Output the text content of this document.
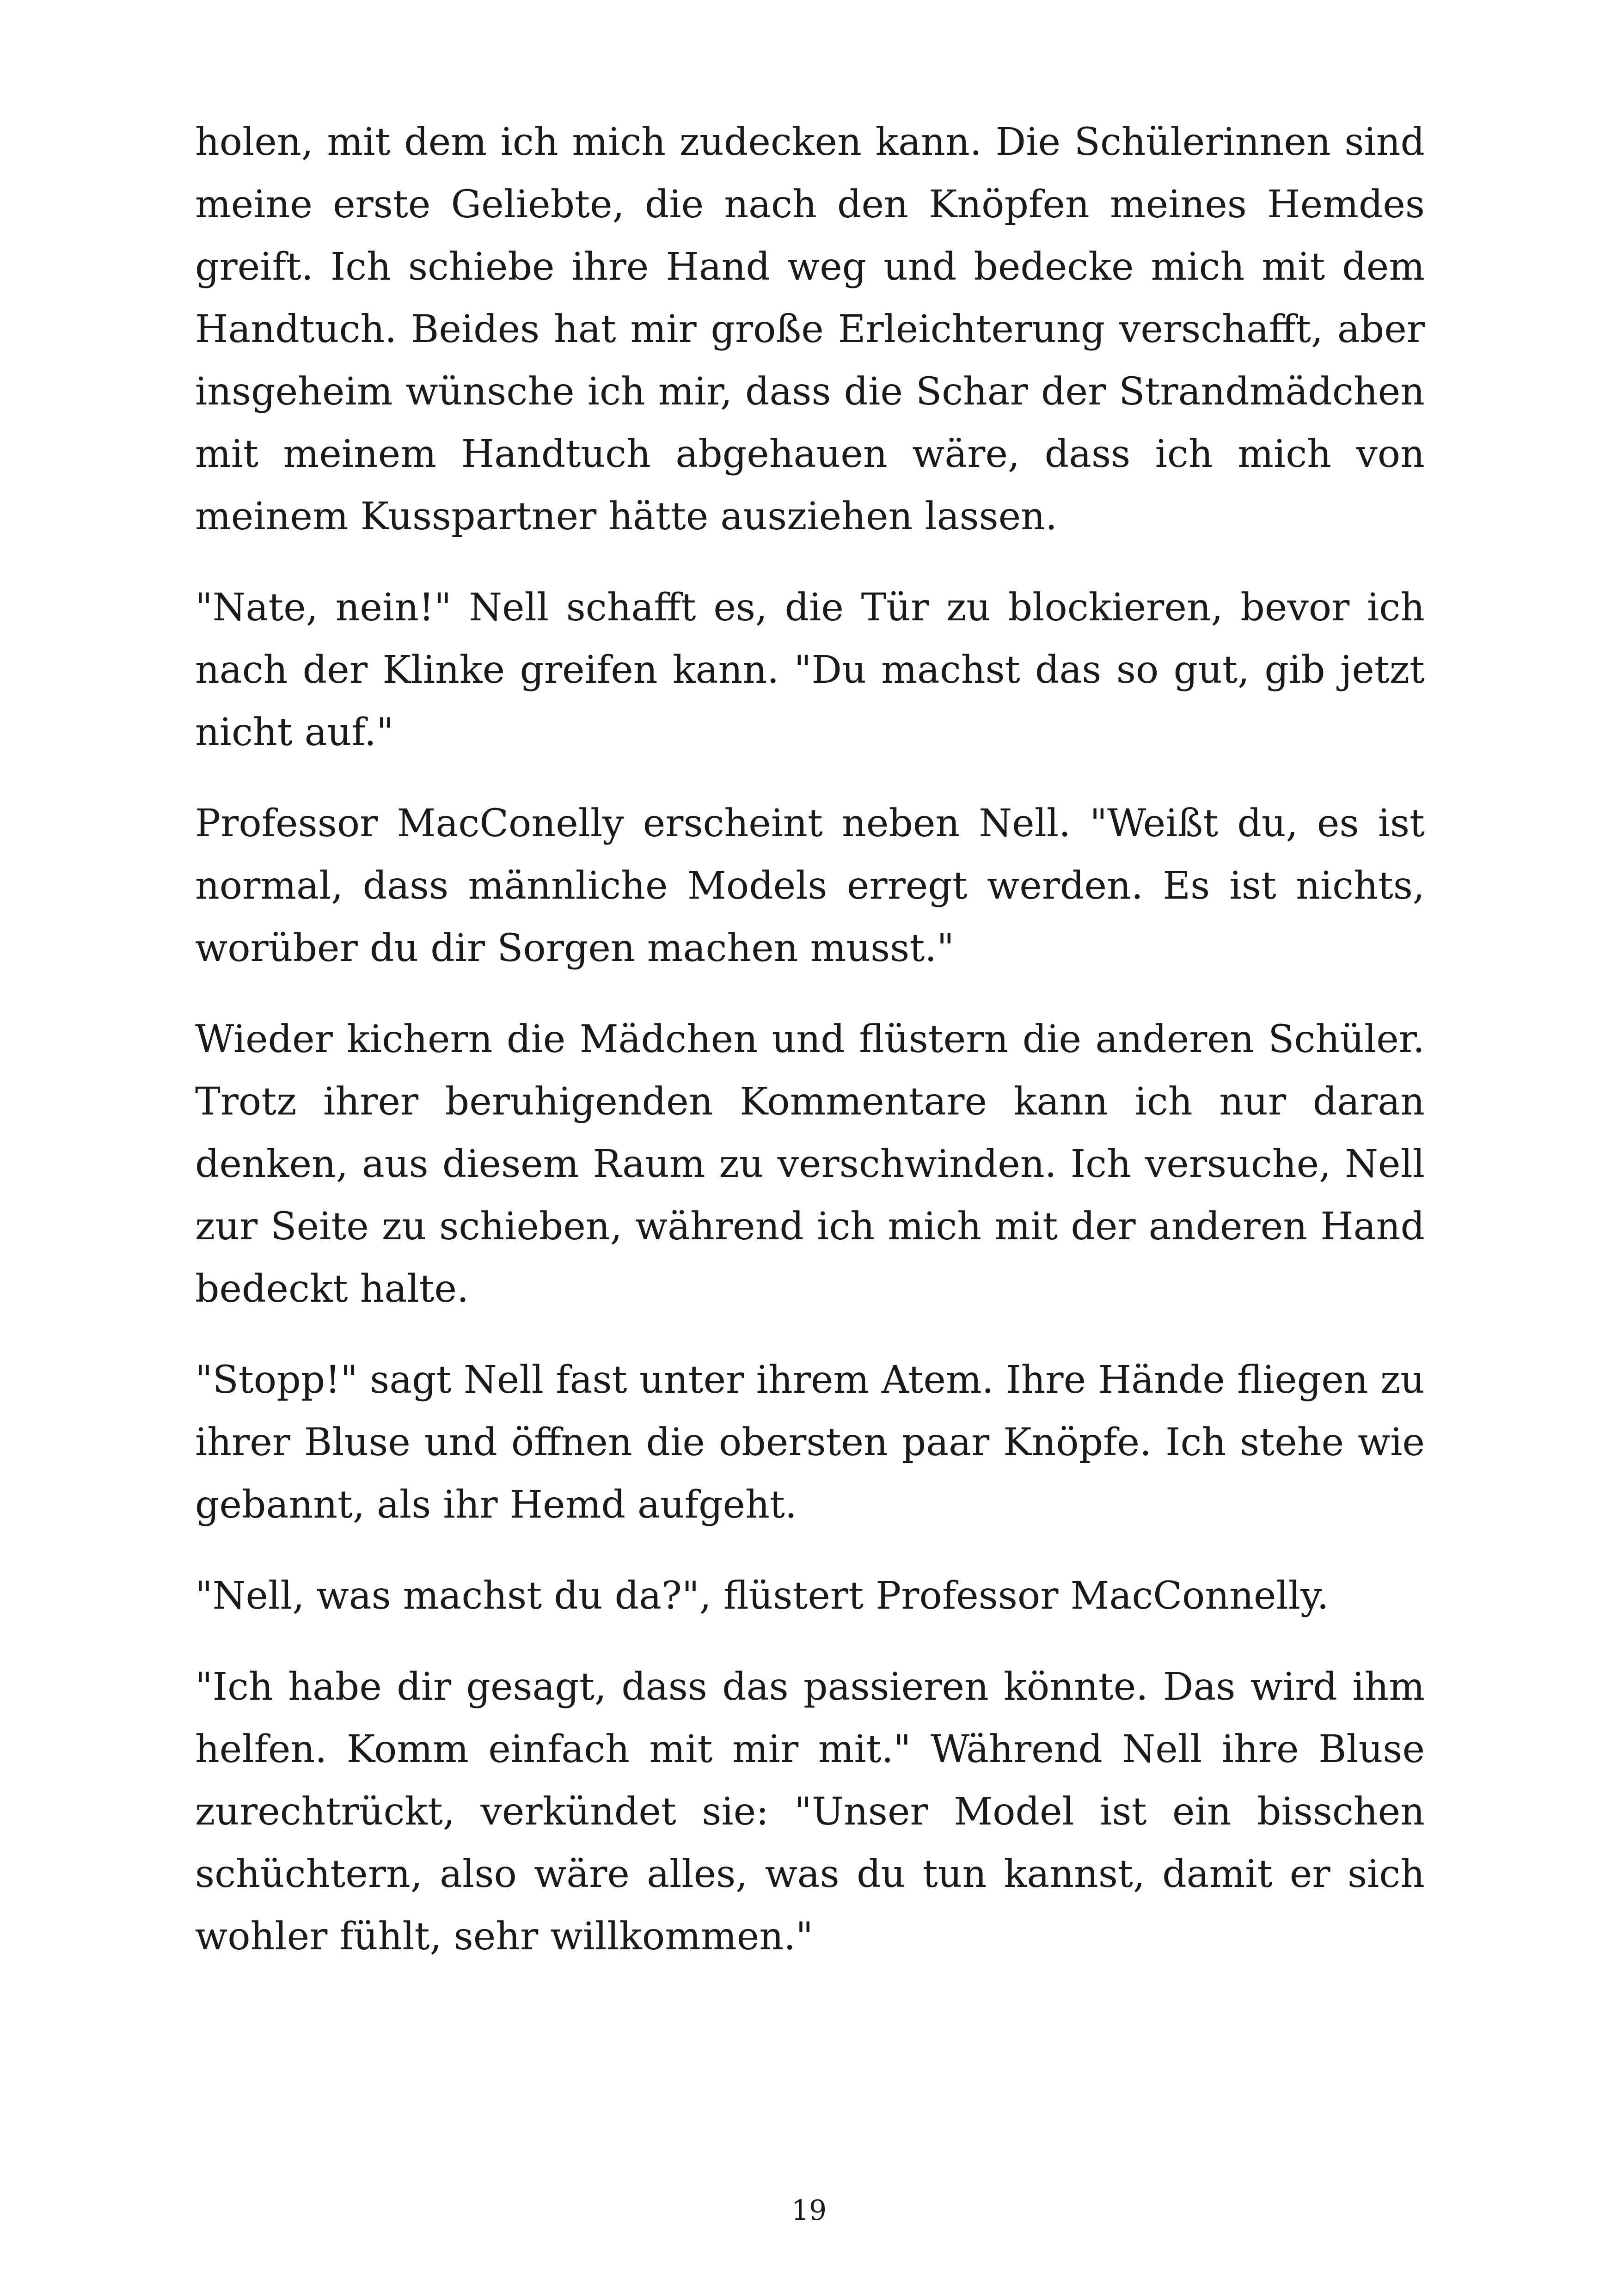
holen, mit dem ich mich zudecken kann. Die Schülerinnen sind meine erste Geliebte, die nach den Knöpfen meines Hemdes greift. Ich schiebe ihre Hand weg und bedecke mich mit dem Handtuch. Beides hat mir große Erleichterung verschafft, aber insgeheim wünsche ich mir, dass die Schar der Strandmädchen mit meinem Handtuch abgehauen wäre, dass ich mich von meinem Kusspartner hätte ausziehen lassen.

"Nate, nein!" Nell schafft es, die Tür zu blockieren, bevor ich nach der Klinke greifen kann. "Du machst das so gut, gib jetzt nicht auf."

Professor MacConelly erscheint neben Nell. "Weißt du, es ist normal, dass männliche Models erregt werden. Es ist nichts, worüber du dir Sorgen machen musst."

Wieder kichern die Mädchen und flüstern die anderen Schüler. Trotz ihrer beruhigenden Kommentare kann ich nur daran denken, aus diesem Raum zu verschwinden. Ich versuche, Nell zur Seite zu schieben, während ich mich mit der anderen Hand bedeckt halte.

"Stopp!" sagt Nell fast unter ihrem Atem. Ihre Hände fliegen zu ihrer Bluse und öffnen die obersten paar Knöpfe. Ich stehe wie gebannt, als ihr Hemd aufgeht.

"Nell, was machst du da?", flüstert Professor MacConnelly.

"Ich habe dir gesagt, dass das passieren könnte. Das wird ihm helfen. Komm einfach mit mir mit." Während Nell ihre Bluse zurechtrückt, verkündet sie: "Unser Model ist ein bisschen schüchtern, also wäre alles, was du tun kannst, damit er sich wohler fühlt, sehr willkommen."

19
